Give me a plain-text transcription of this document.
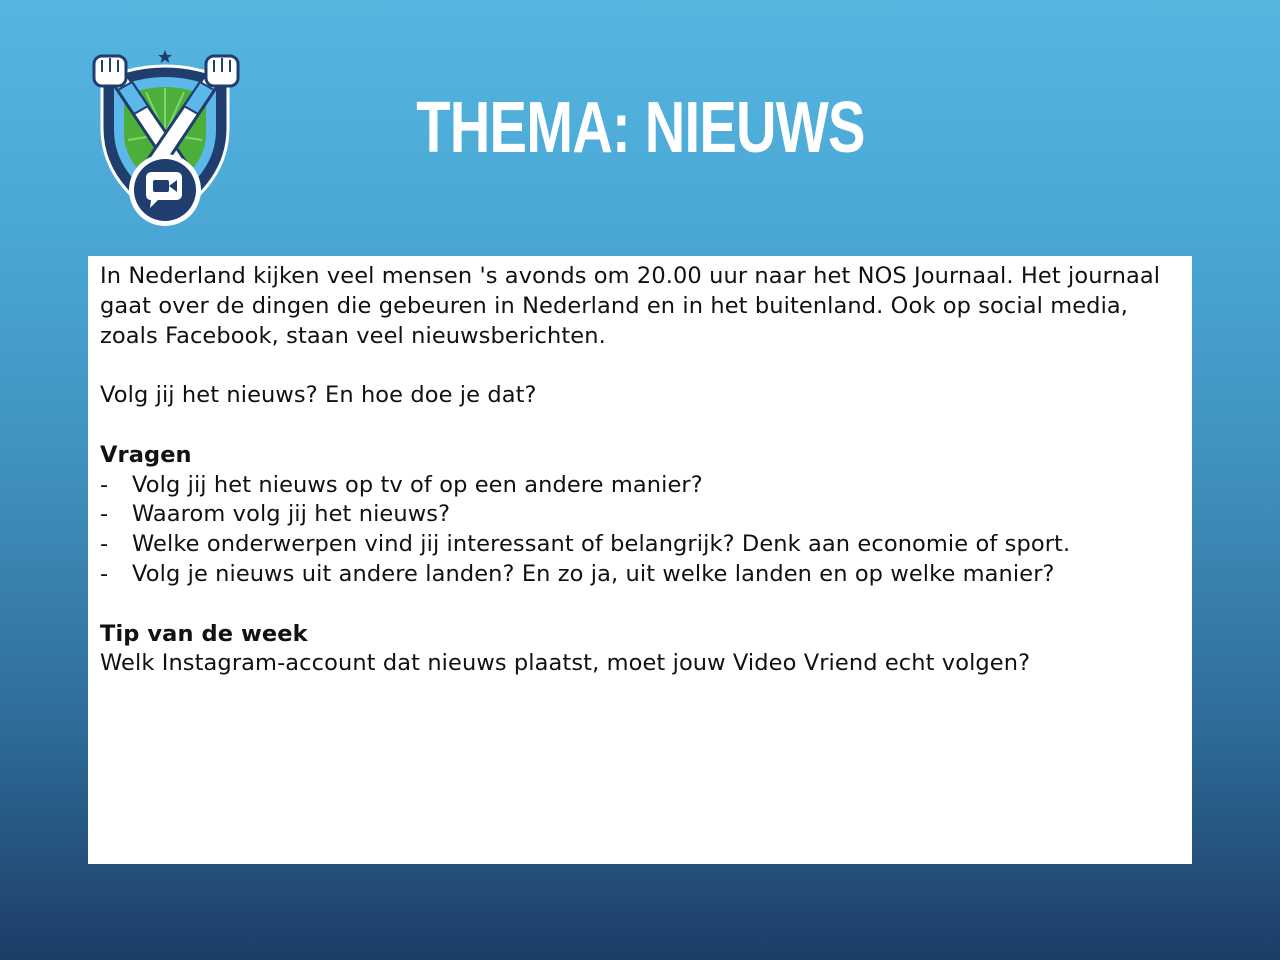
THEMA: NIEUWS

In Nederland kijken veel mensen 's avonds om 20.00 uur naar het NOS Journaal. Het journaal gaat over de dingen die gebeuren in Nederland en in het buitenland. Ook op social media, zoals Facebook, staan veel nieuwsberichten.

Volg jij het nieuws? En hoe doe je dat?

Vragen

- Volg jij het nieuws op tv of op een andere manier?
- Waarom volg jij het nieuws?
- Welke onderwerpen vind jij interessant of belangrijk? Denk aan economie of sport.
- Volg je nieuws uit andere landen? En zo ja, uit welke landen en op welke manier?

Tip van de week

Welk Instagram-account dat nieuws plaatst, moet jouw Video Vriend echt volgen?
